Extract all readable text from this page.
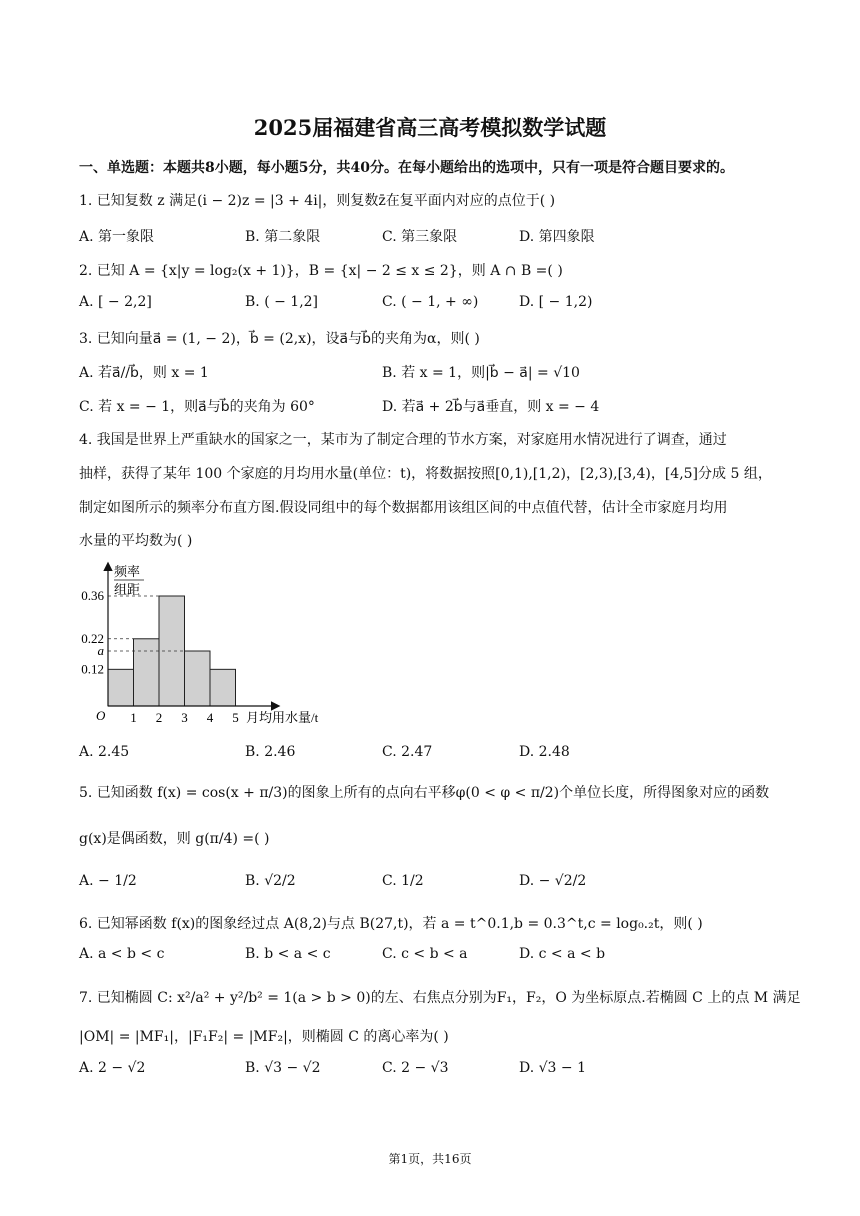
2025届福建省高三高考模拟数学试题
一、单选题：本题共8小题，每小题5分，共40分。在每小题给出的选项中，只有一项是符合题目要求的。
1. 已知复数 z 满足(i − 2)z = |3 + 4i|，则复数z̄在复平面内对应的点位于( )
A. 第一象限	B. 第二象限	C. 第三象限	D. 第四象限
2. 已知 A = {x|y = log₂(x + 1)}，B = {x| − 2 ≤ x ≤ 2}，则 A ∩ B =( )
A. [ − 2,2]	B. ( − 1,2]	C. ( − 1, + ∞)	D. [ − 1,2)
3. 已知向量a⃗ = (1, − 2)，b⃗ = (2,x)，设a⃗与b⃗的夹角为α，则( )
A. 若a⃗//b⃗，则 x = 1	B. 若 x = 1，则|b⃗ − a⃗| = √10
C. 若 x = − 1，则a⃗与b⃗的夹角为 60°	D. 若a⃗ + 2b⃗与a⃗垂直，则 x = − 4
4. 我国是世界上严重缺水的国家之一，某市为了制定合理的节水方案，对家庭用水情况进行了调查，通过
抽样，获得了某年 100 个家庭的月均用水量(单位：t)，将数据按照[0,1),[1,2)，[2,3),[3,4)，[4,5]分成 5 组，
制定如图所示的频率分布直方图.假设同组中的每个数据都用该组区间的中点值代替，估计全市家庭月均用
水量的平均数为( )
频率
组距
O	月均用水量/t
1 2 3 4 5
0.36
0.22
a
0.12
A. 2.45	B. 2.46	C. 2.47	D. 2.48
5. 已知函数 f(x) = cos(x + π/3)的图象上所有的点向右平移φ(0 < φ < π/2)个单位长度，所得图象对应的函数
g(x)是偶函数，则 g(π/4) =( )
A. − 1/2	B. √2/2	C. 1/2	D. − √2/2
6. 已知幂函数 f(x)的图象经过点 A(8,2)与点 B(27,t)，若 a = t^0.1,b = 0.3^t,c = log₀.₂t，则( )
A. a < b < c	B. b < a < c	C. c < b < a	D. c < a < b
7. 已知椭圆 C: x²/a² + y²/b² = 1(a > b > 0)的左、右焦点分别为F₁，F₂，O 为坐标原点.若椭圆 C 上的点 M 满足
|OM| = |MF₁|，|F₁F₂| = |MF₂|，则椭圆 C 的离心率为( )
A. 2 − √2	B. √3 − √2	C. 2 − √3	D. √3 − 1
第1页，共16页
